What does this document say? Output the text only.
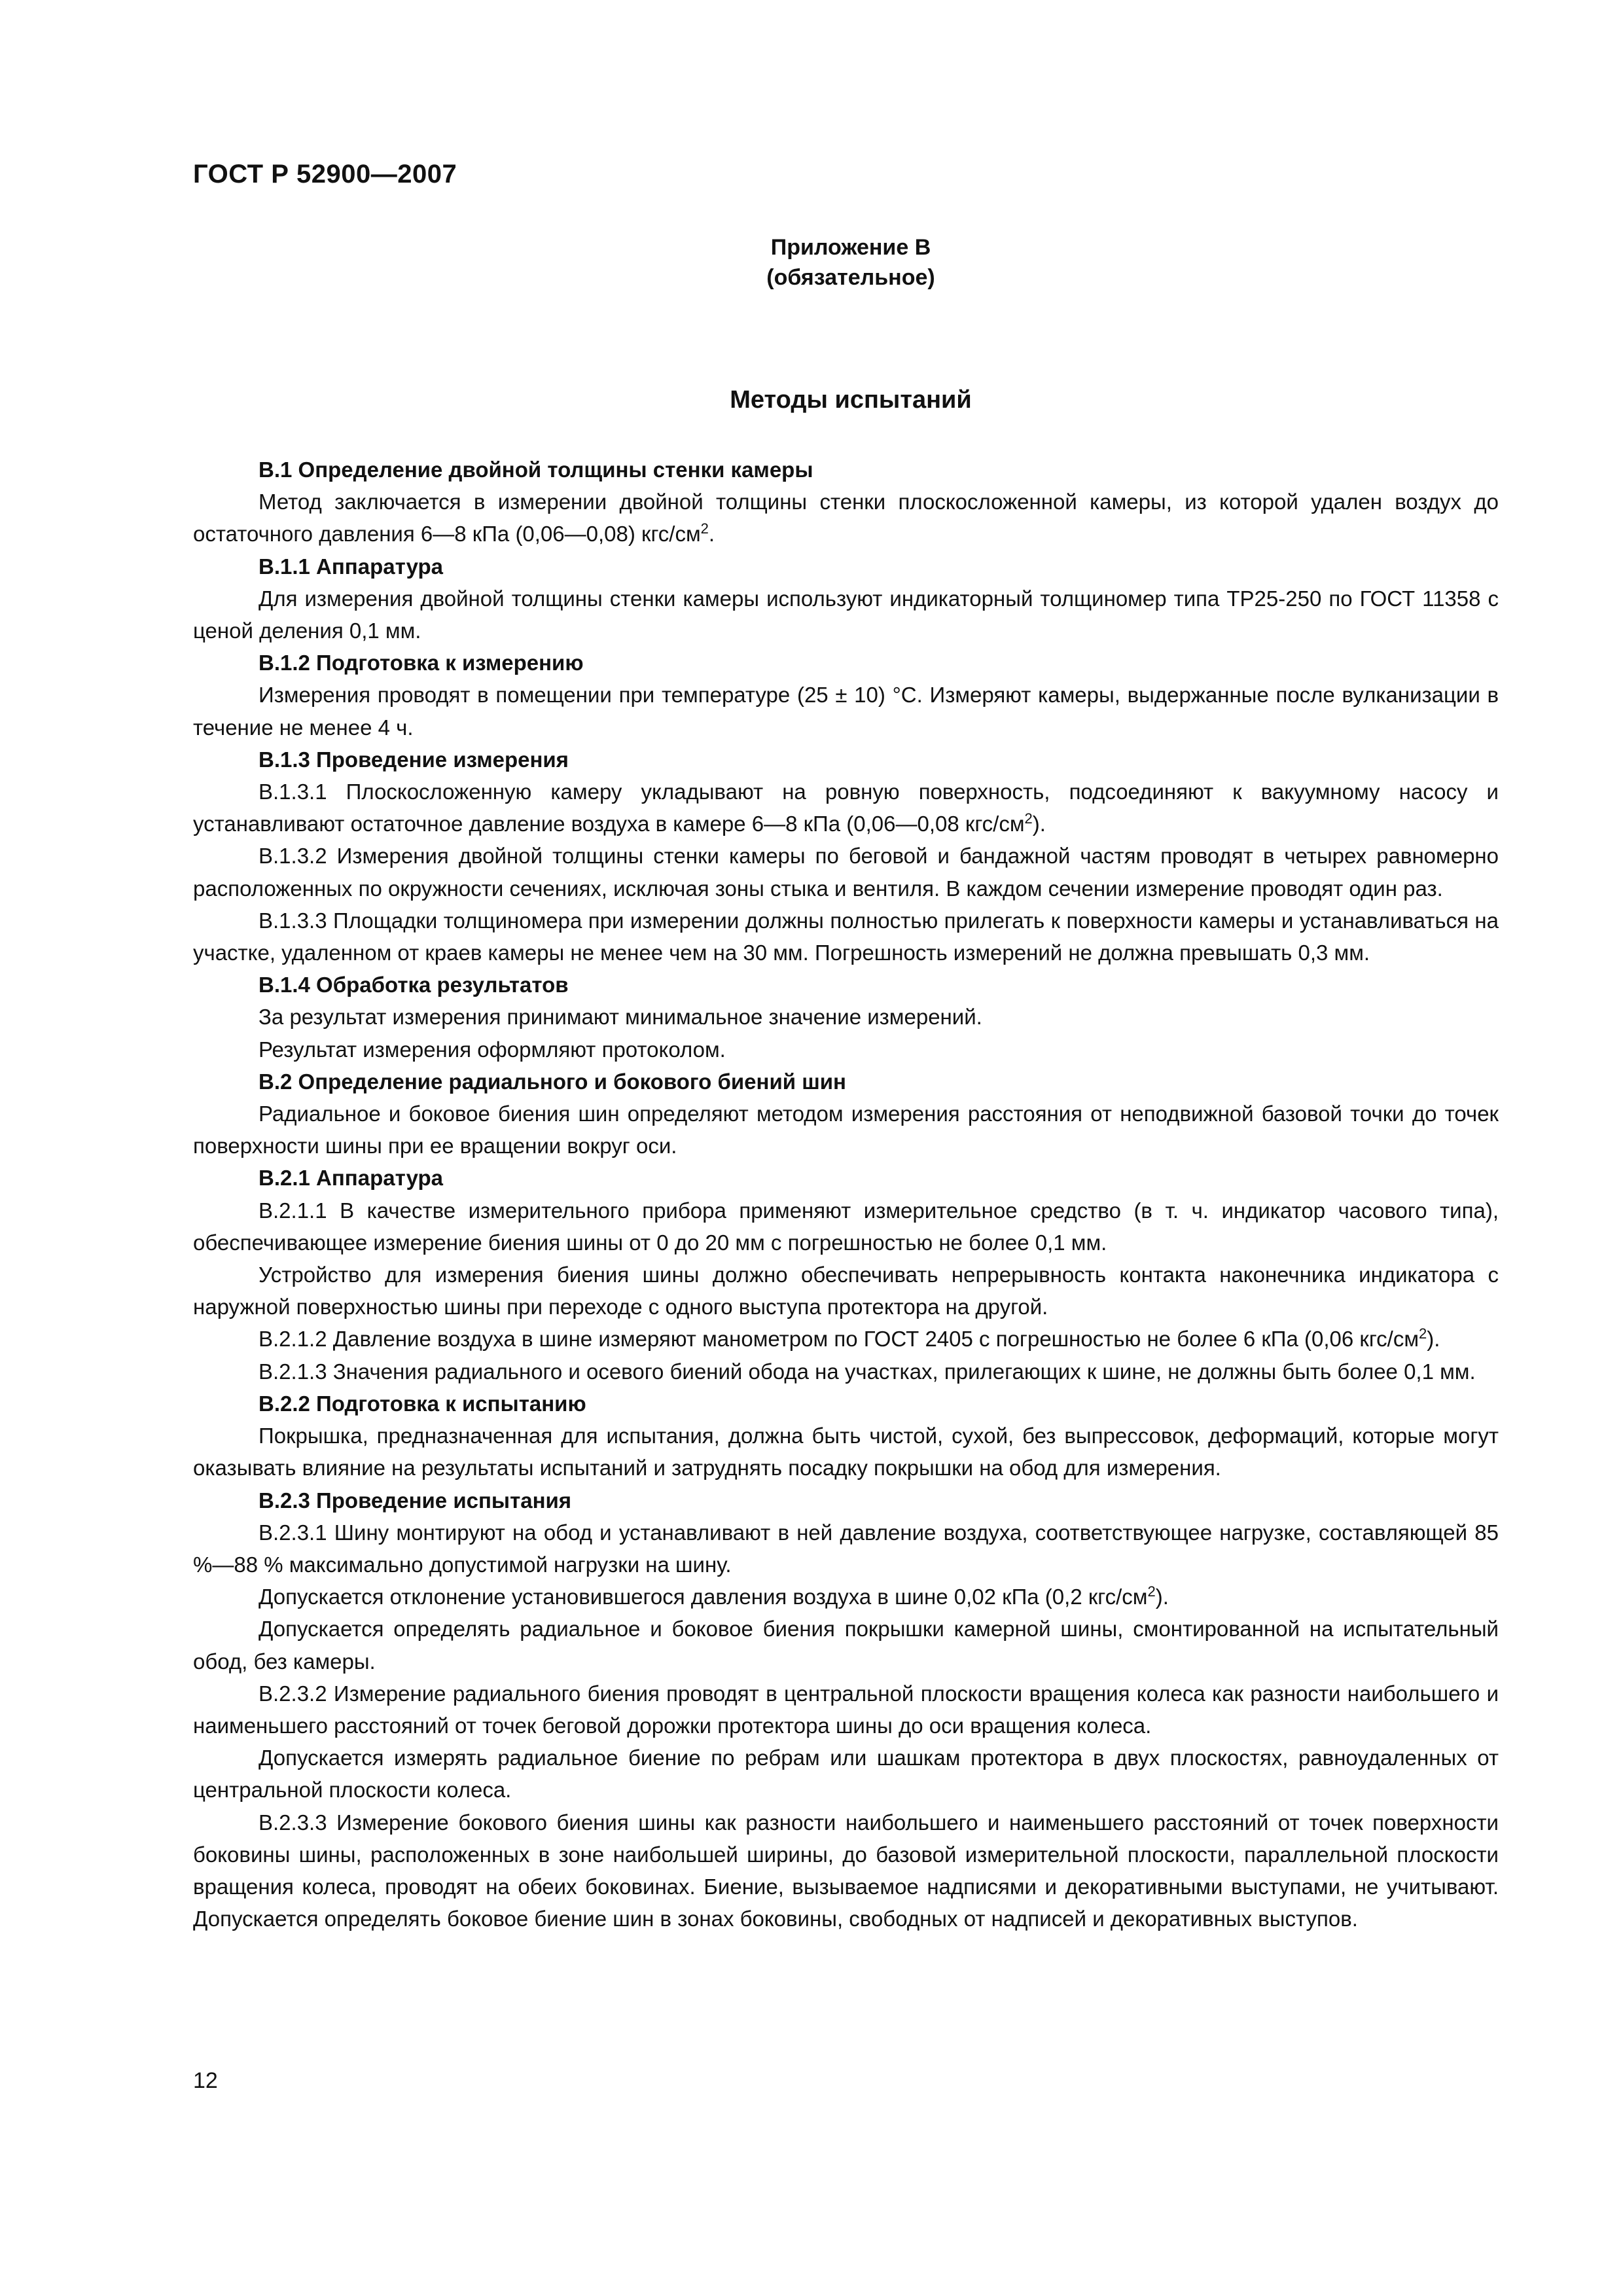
ГОСТ Р 52900—2007
Приложение В
(обязательное)
Методы испытаний

В.1 Определение двойной толщины стенки камеры

Метод заключается в измерении двойной толщины стенки плоскосложенной камеры, из которой удален воздух до остаточного давления 6—8 кПа (0,06—0,08) кгс/$см^2$.

В.1.1 Аппаратура

Для измерения двойной толщины стенки камеры используют индикаторный толщиномер типа ТР25-250 по ГОСТ 11358 с ценой деления 0,1 мм.

В.1.2 Подготовка к измерению

Измерения проводят в помещении при температуре (25 ± 10) °С. Измеряют камеры, выдержанные после вулканизации в течение не менее 4 ч.

В.1.3 Проведение измерения

В.1.3.1 Плоскосложенную камеру укладывают на ровную поверхность, подсоединяют к вакуумному насосу и устанавливают остаточное давление воздуха в камере 6—8 кПа (0,06—0,08 кгс/$см^2$).

В.1.3.2 Измерения двойной толщины стенки камеры по беговой и бандажной частям проводят в четырех равномерно расположенных по окружности сечениях, исключая зоны стыка и вентиля. В каждом сечении измерение проводят один раз.

В.1.3.3 Площадки толщиномера при измерении должны полностью прилегать к поверхности камеры и устанавливаться на участке, удаленном от краев камеры не менее чем на 30 мм. Погрешность измерений не должна превышать 0,3 мм.

В.1.4 Обработка результатов

За результат измерения принимают минимальное значение измерений.

Результат измерения оформляют протоколом.

В.2 Определение радиального и бокового биений шин

Радиальное и боковое биения шин определяют методом измерения расстояния от неподвижной базовой точки до точек поверхности шины при ее вращении вокруг оси.

В.2.1 Аппаратура

В.2.1.1 В качестве измерительного прибора применяют измерительное средство (в т. ч. индикатор часового типа), обеспечивающее измерение биения шины от 0 до 20 мм с погрешностью не более 0,1 мм.

Устройство для измерения биения шины должно обеспечивать непрерывность контакта наконечника индикатора с наружной поверхностью шины при переходе с одного выступа протектора на другой.

В.2.1.2 Давление воздуха в шине измеряют манометром по ГОСТ 2405 с погрешностью не более 6 кПа (0,06 кгс/$см^2$).

В.2.1.3 Значения радиального и осевого биений обода на участках, прилегающих к шине, не должны быть более 0,1 мм.

В.2.2 Подготовка к испытанию

Покрышка, предназначенная для испытания, должна быть чистой, сухой, без выпрессовок, деформаций, которые могут оказывать влияние на результаты испытаний и затруднять посадку покрышки на обод для измерения.

В.2.3 Проведение испытания

В.2.3.1 Шину монтируют на обод и устанавливают в ней давление воздуха, соответствующее нагрузке, составляющей 85 %—88 % максимально допустимой нагрузки на шину.

Допускается отклонение установившегося давления воздуха в шине 0,02 кПа (0,2 кгс/$см^2$).

Допускается определять радиальное и боковое биения покрышки камерной шины, смонтированной на испытательный обод, без камеры.

В.2.3.2 Измерение радиального биения проводят в центральной плоскости вращения колеса как разности наибольшего и наименьшего расстояний от точек беговой дорожки протектора шины до оси вращения колеса.

Допускается измерять радиальное биение по ребрам или шашкам протектора в двух плоскостях, равноудаленных от центральной плоскости колеса.

В.2.3.3 Измерение бокового биения шины как разности наибольшего и наименьшего расстояний от точек поверхности боковины шины, расположенных в зоне наибольшей ширины, до базовой измерительной плоскости, параллельной плоскости вращения колеса, проводят на обеих боковинах. Биение, вызываемое надписями и декоративными выступами, не учитывают. Допускается определять боковое биение шин в зонах боковины, свободных от надписей и декоративных выступов.

12
